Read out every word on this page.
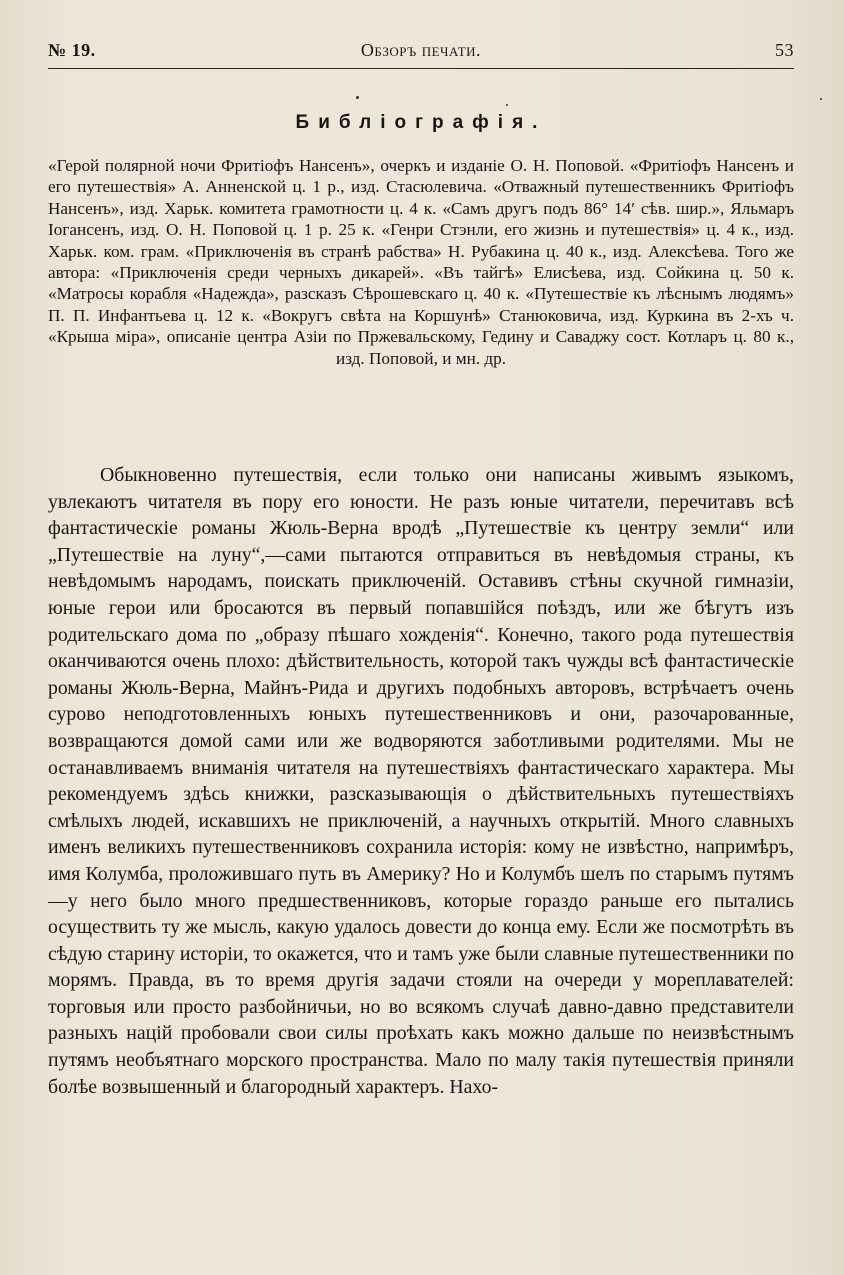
№ 19.	Обзоръ печати.	53
Библіографія.
«Герой полярной ночи Фритіофъ Нансенъ», очеркъ и изданіе О. Н. Поповой. «Фритіофъ Нансенъ и его путешествія» А. Анненской ц. 1 р., изд. Стасюлевича. «Отважный путешественникъ Фритіофъ Нансенъ», изд. Харьк. комитета грамотности ц. 4 к. «Самъ другъ подъ 86° 14′ сѣв. шир.», Яльмаръ Іогансенъ, изд. О. Н. Поповой ц. 1 р. 25 к. «Генри Стэнли, его жизнь и путешествія» ц. 4 к., изд. Харьк. ком. грам. «Приключенія въ странѣ рабства» Н. Рубакина ц. 40 к., изд. Алексѣева. Того же автора: «Приключенія среди черныхъ дикарей». «Въ тайгѣ» Елисѣева, изд. Сойкина ц. 50 к. «Матросы корабля «Надежда», разсказъ Сѣрошевскаго ц. 40 к. «Путешествіе къ лѣснымъ людямъ» П. П. Инфантьева ц. 12 к. «Вокругъ свѣта на Коршунѣ» Станюковича, изд. Куркина въ 2-хъ ч. «Крыша міра», описаніе центра Азіи по Пржевальскому, Гедину и Саваджу сост. Котларъ ц. 80 к., изд. Поповой, и мн. др.
Обыкновенно путешествія, если только они написаны живымъ языкомъ, увлекаютъ читателя въ пору его юности. Не разъ юные читатели, перечитавъ всѣ фантастическіе романы Жюль-Верна вродѣ „Путешествіе къ центру земли“ или „Путешествіе на луну“,—сами пытаются отправиться въ невѣдомыя страны, къ невѣдомымъ народамъ, поискать приключеній. Оставивъ стѣны скучной гимназіи, юные герои или бросаются въ первый попавшійся поѣздъ, или же бѣгутъ изъ родительскаго дома по „образу пѣшаго хожденія“. Конечно, такого рода путешествія оканчиваются очень плохо: дѣйствительность, которой такъ чужды всѣ фантастическіе романы Жюль-Верна, Майнъ-Рида и другихъ подобныхъ авторовъ, встрѣчаетъ очень сурово неподготовленныхъ юныхъ путешественниковъ и они, разочарованные, возвращаются домой сами или же водворяются заботливыми родителями. Мы не останавливаемъ вниманія читателя на путешествіяхъ фантастическаго характера. Мы рекомендуемъ здѣсь книжки, разсказывающія о дѣйствительныхъ путешествіяхъ смѣлыхъ людей, искавшихъ не приключеній, а научныхъ открытій. Много славныхъ именъ великихъ путешественниковъ сохранила исторія: кому не извѣстно, напримѣръ, имя Колумба, проложившаго путь въ Америку? Но и Колумбъ шелъ по старымъ путямъ—у него было много предшественниковъ, которые гораздо раньше его пытались осуществить ту же мысль, какую удалось довести до конца ему. Если же посмотрѣть въ сѣдую старину исторіи, то окажется, что и тамъ уже были славные путешественники по морямъ. Правда, въ то время другія задачи стояли на очереди у мореплавателей: торговыя или просто разбойничьи, но во всякомъ случаѣ давно-давно представители разныхъ націй пробовали свои силы проѣхать какъ можно дальше по неизвѣстнымъ путямъ необъятнаго морского пространства. Мало по малу такія путешествія приняли болѣе возвышенный и благородный характеръ. Нахо-
